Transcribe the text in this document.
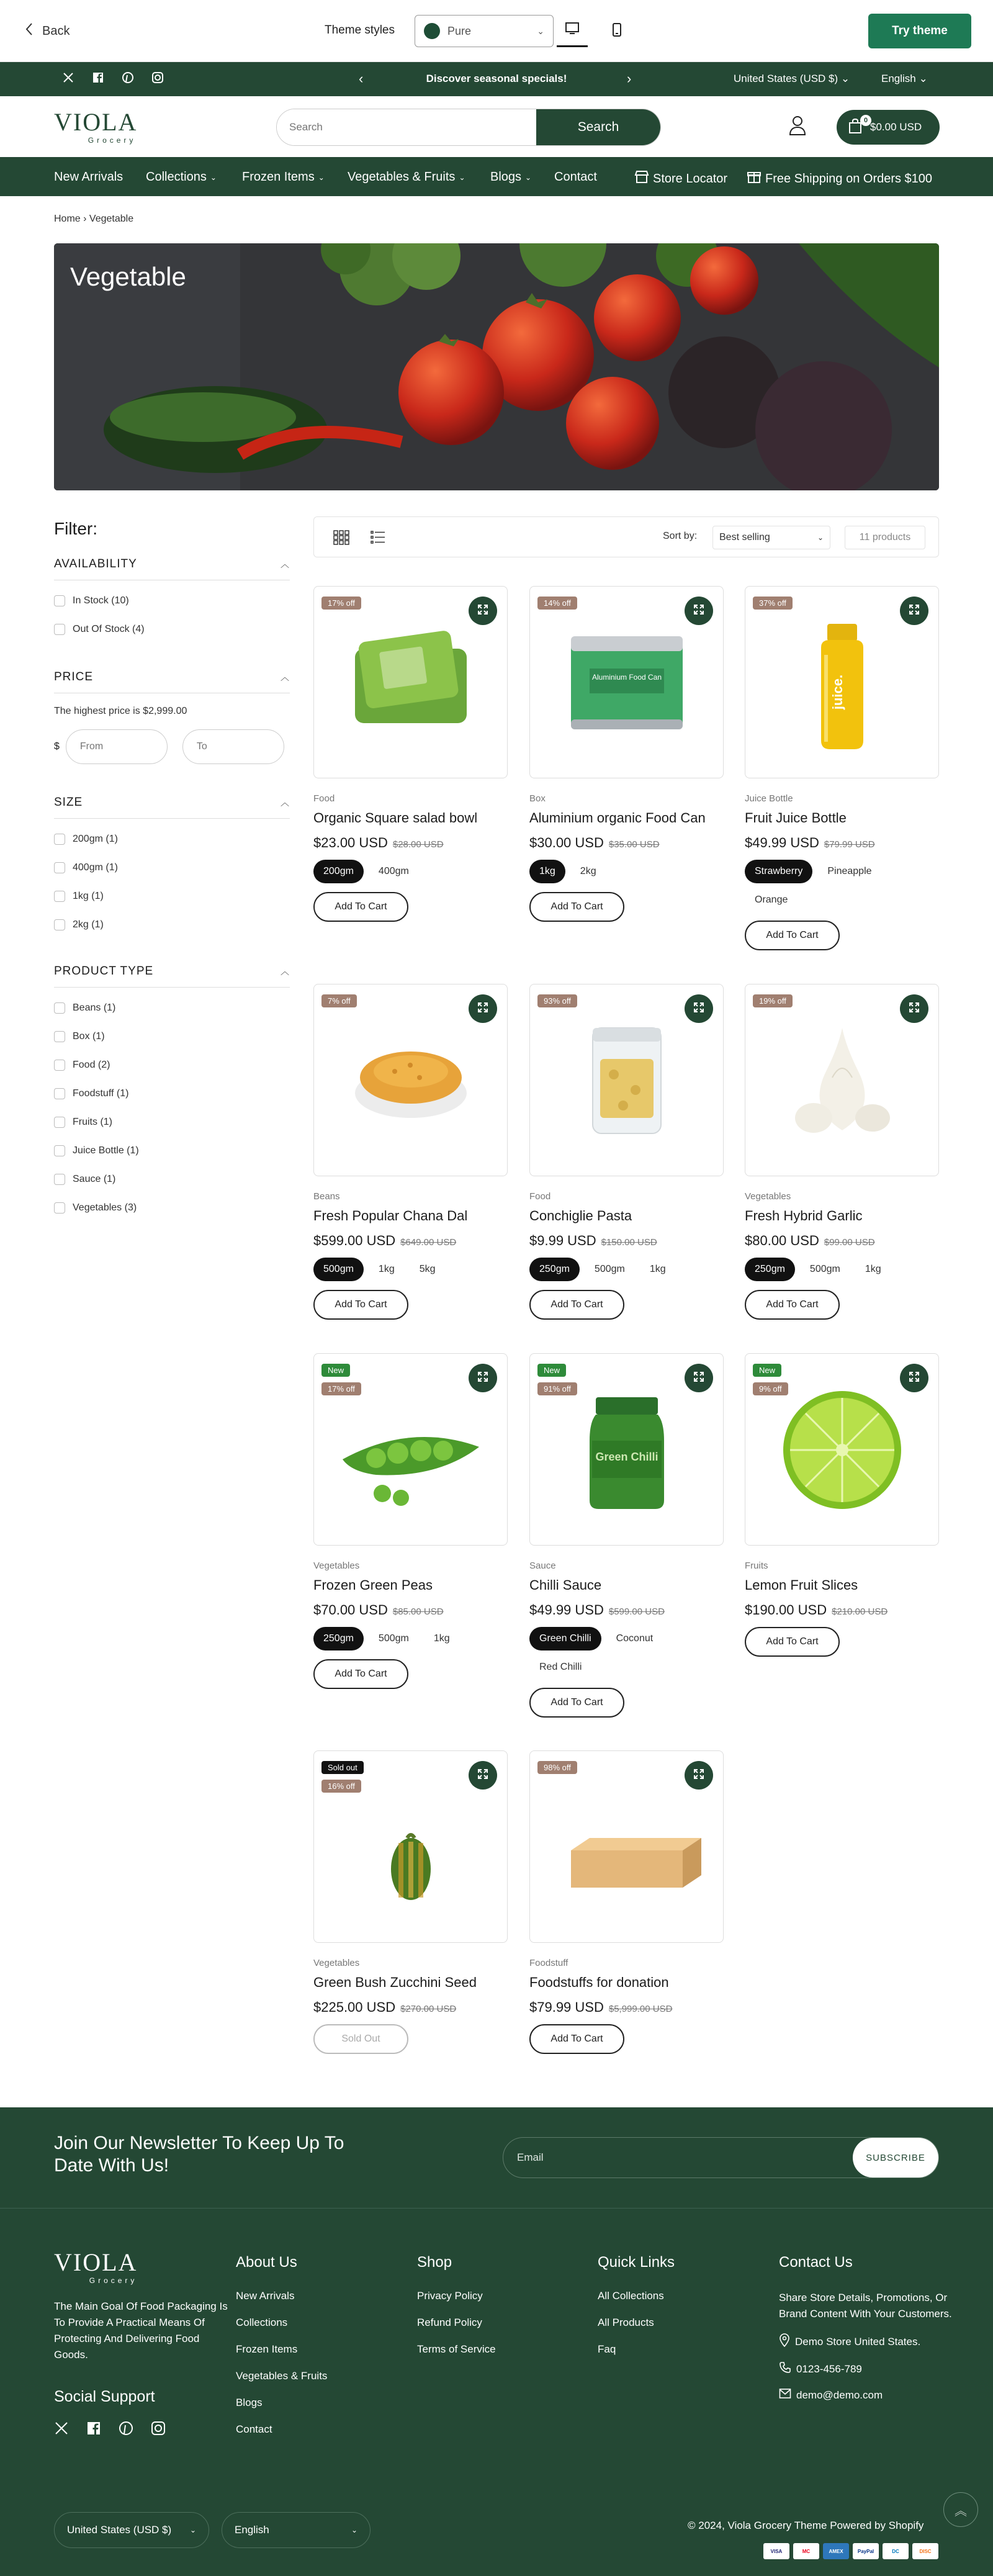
Back	Theme styles	Pure	⌄	Try theme
‹	Discover seasonal specials!	›	United States (USD $) ⌄	English ⌄
VIOLA
Grocery
Search
Search	0
$0.00 USD
New Arrivals Collections ⌄ Frozen Items ⌄ Vegetables & Fruits ⌄ Blogs ⌄ Contact	Store Locator	Free Shipping on Orders $100
Home › Vegetable
Vegetable
Filter:
AVAILABILITY	︿
In Stock (10)
Out Of Stock (4)
PRICE	︿
The highest price is $2,999.00
$
From
To
SIZE	︿
200gm (1)
400gm (1)
1kg (1)
2kg (1)
PRODUCT TYPE	︿
Beans (1)
Box (1)
Food (2)
Foodstuff (1)
Fruits (1)
Juice Bottle (1)
Sauce (1)
Vegetables (3)
Sort by: Best selling	⌄	11 products
17% off
Food
Organic Square salad bowl
$23.00 USD $28.00 USD
200gm	400gm
Add To Cart
Aluminium Food Can
14% off
Box
Aluminium organic Food Can
$30.00 USD $35.00 USD
1kg	2kg
Add To Cart
juice.
37% off
Juice Bottle
Fruit Juice Bottle
$49.99 USD $79.99 USD
Strawberry	Pineapple
Orange
Add To Cart
7% off
Beans
Fresh Popular Chana Dal
$599.00 USD $649.00 USD
500gm	1kg	5kg
Add To Cart
93% off
Food
Conchiglie Pasta
$9.99 USD $150.00 USD
250gm	500gm	1kg
Add To Cart
19% off
Vegetables
Fresh Hybrid Garlic
$80.00 USD $99.00 USD
250gm	500gm	1kg
Add To Cart
New
17% off
Vegetables
Frozen Green Peas
$70.00 USD $85.00 USD
250gm	500gm	1kg
Add To Cart
Green Chilli
New
91% off
Sauce
Chilli Sauce
$49.99 USD $599.00 USD
Green Chilli	Coconut
Red Chilli
Add To Cart
New
9% off
Fruits
Lemon Fruit Slices
$190.00 USD $210.00 USD
Add To Cart
Sold out
16% off
Vegetables
Green Bush Zucchini Seed
$225.00 USD $270.00 USD
Sold Out
98% off
Foodstuff
Foodstuffs for donation
$79.99 USD $5,999.00 USD
Add To Cart
Join Our Newsletter To Keep Up To Date With Us!	Email	SUBSCRIBE
VIOLA
Grocery
The Main Goal Of Food Packaging Is To Provide A Practical Means Of Protecting And Delivering Food Goods.
Social Support
About Us
New Arrivals
Collections
Frozen Items
Vegetables & Fruits
Blogs
Contact
Shop
Privacy Policy
Refund Policy
Terms of Service
Quick Links
All Collections
All Products
Faq
Contact Us
Share Store Details, Promotions, Or Brand Content With Your Customers.
Demo Store United States.
0123-456-789
demo@demo.com
︽
United States (USD $) ⌄	English	⌄	© 2024, Viola Grocery Theme Powered by Shopify
VISA	MC	AMEX	PayPal	DC	DISC
